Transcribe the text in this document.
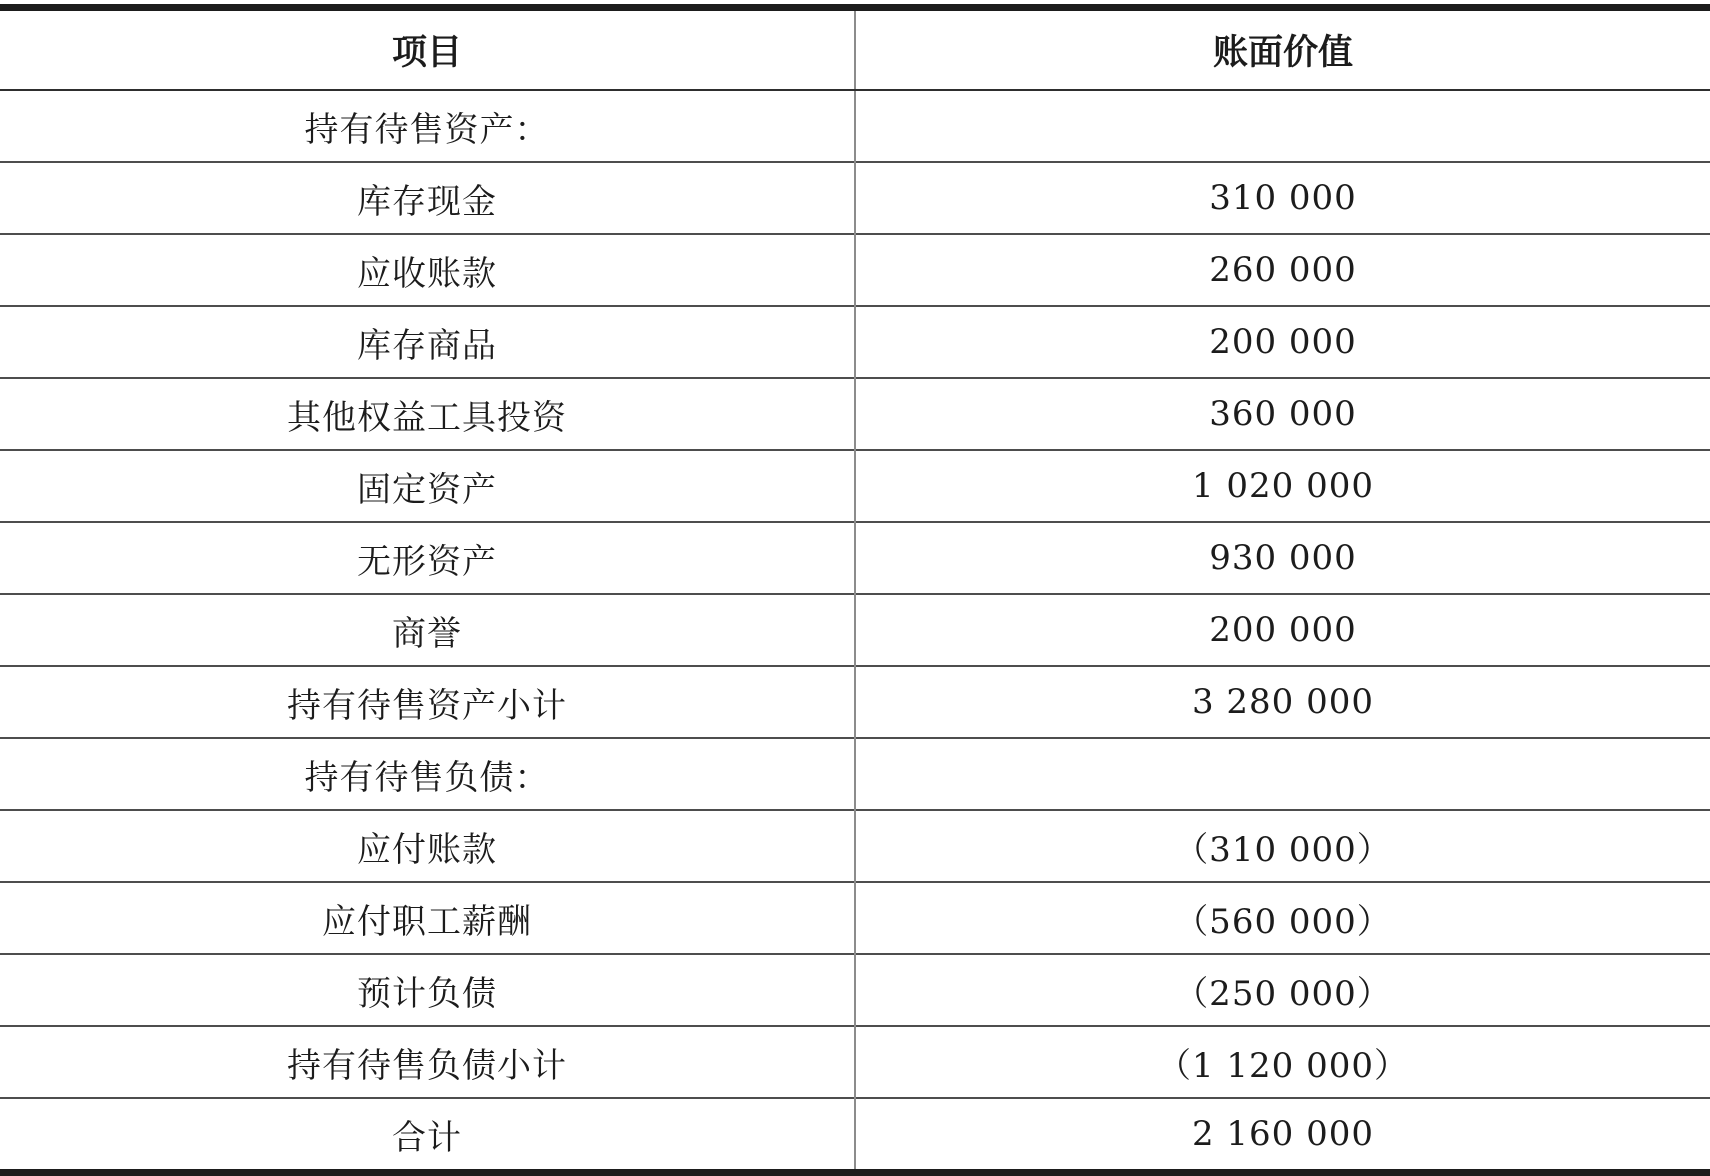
项目	账面价值
持有待售资产：	
库存现金	310 000
应收账款	260 000
库存商品	200 000
其他权益工具投资	360 000
固定资产	1 020 000
无形资产	930 000
商誉	200 000
持有待售资产小计	3 280 000
持有待售负债：	
应付账款	（310 000）
应付职工薪酬	（560 000）
预计负债	（250 000）
持有待售负债小计	（1 120 000）
合计	2 160 000
